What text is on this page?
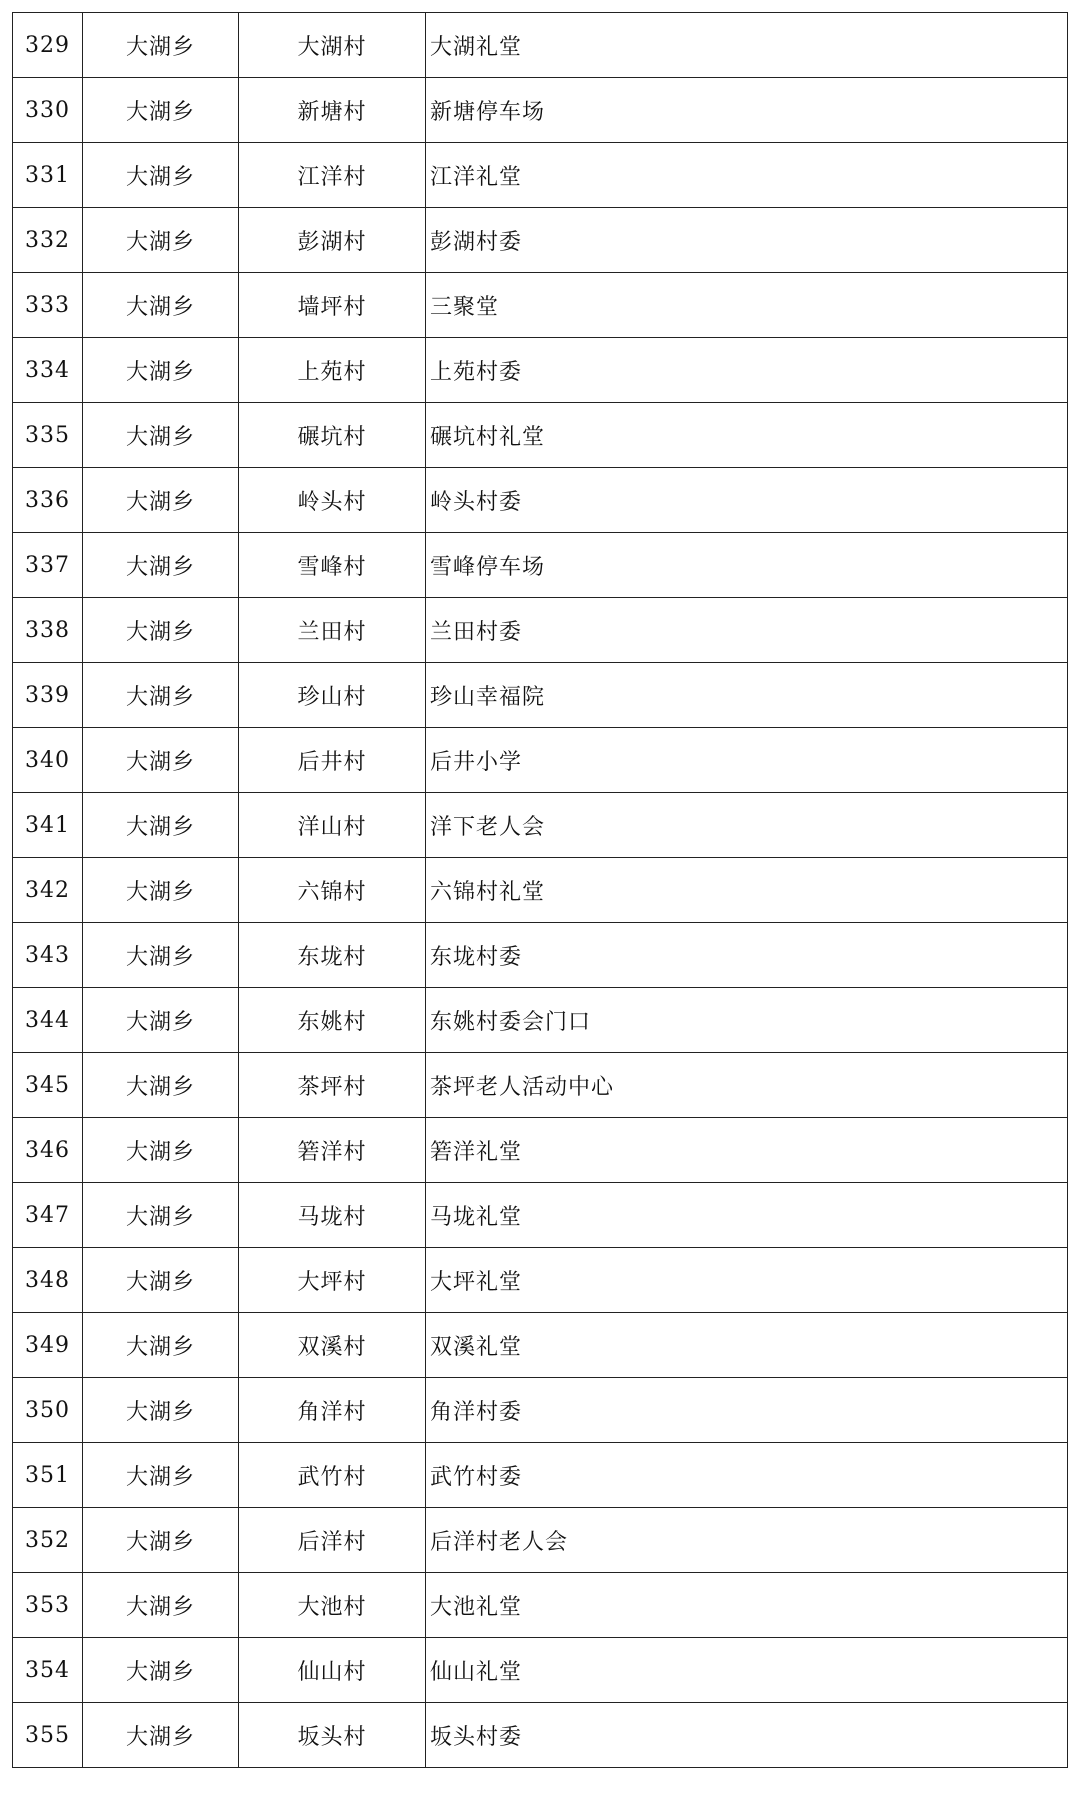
329	大湖乡	大湖村	大湖礼堂
330	大湖乡	新塘村	新塘停车场
331	大湖乡	江洋村	江洋礼堂
332	大湖乡	彭湖村	彭湖村委
333	大湖乡	墙坪村	三聚堂
334	大湖乡	上苑村	上苑村委
335	大湖乡	碾坑村	碾坑村礼堂
336	大湖乡	岭头村	岭头村委
337	大湖乡	雪峰村	雪峰停车场
338	大湖乡	兰田村	兰田村委
339	大湖乡	珍山村	珍山幸福院
340	大湖乡	后井村	后井小学
341	大湖乡	洋山村	洋下老人会
342	大湖乡	六锦村	六锦村礼堂
343	大湖乡	东垅村	东垅村委
344	大湖乡	东姚村	东姚村委会门口
345	大湖乡	茶坪村	茶坪老人活动中心
346	大湖乡	箬洋村	箬洋礼堂
347	大湖乡	马垅村	马垅礼堂
348	大湖乡	大坪村	大坪礼堂
349	大湖乡	双溪村	双溪礼堂
350	大湖乡	角洋村	角洋村委
351	大湖乡	武竹村	武竹村委
352	大湖乡	后洋村	后洋村老人会
353	大湖乡	大池村	大池礼堂
354	大湖乡	仙山村	仙山礼堂
355	大湖乡	坂头村	坂头村委
